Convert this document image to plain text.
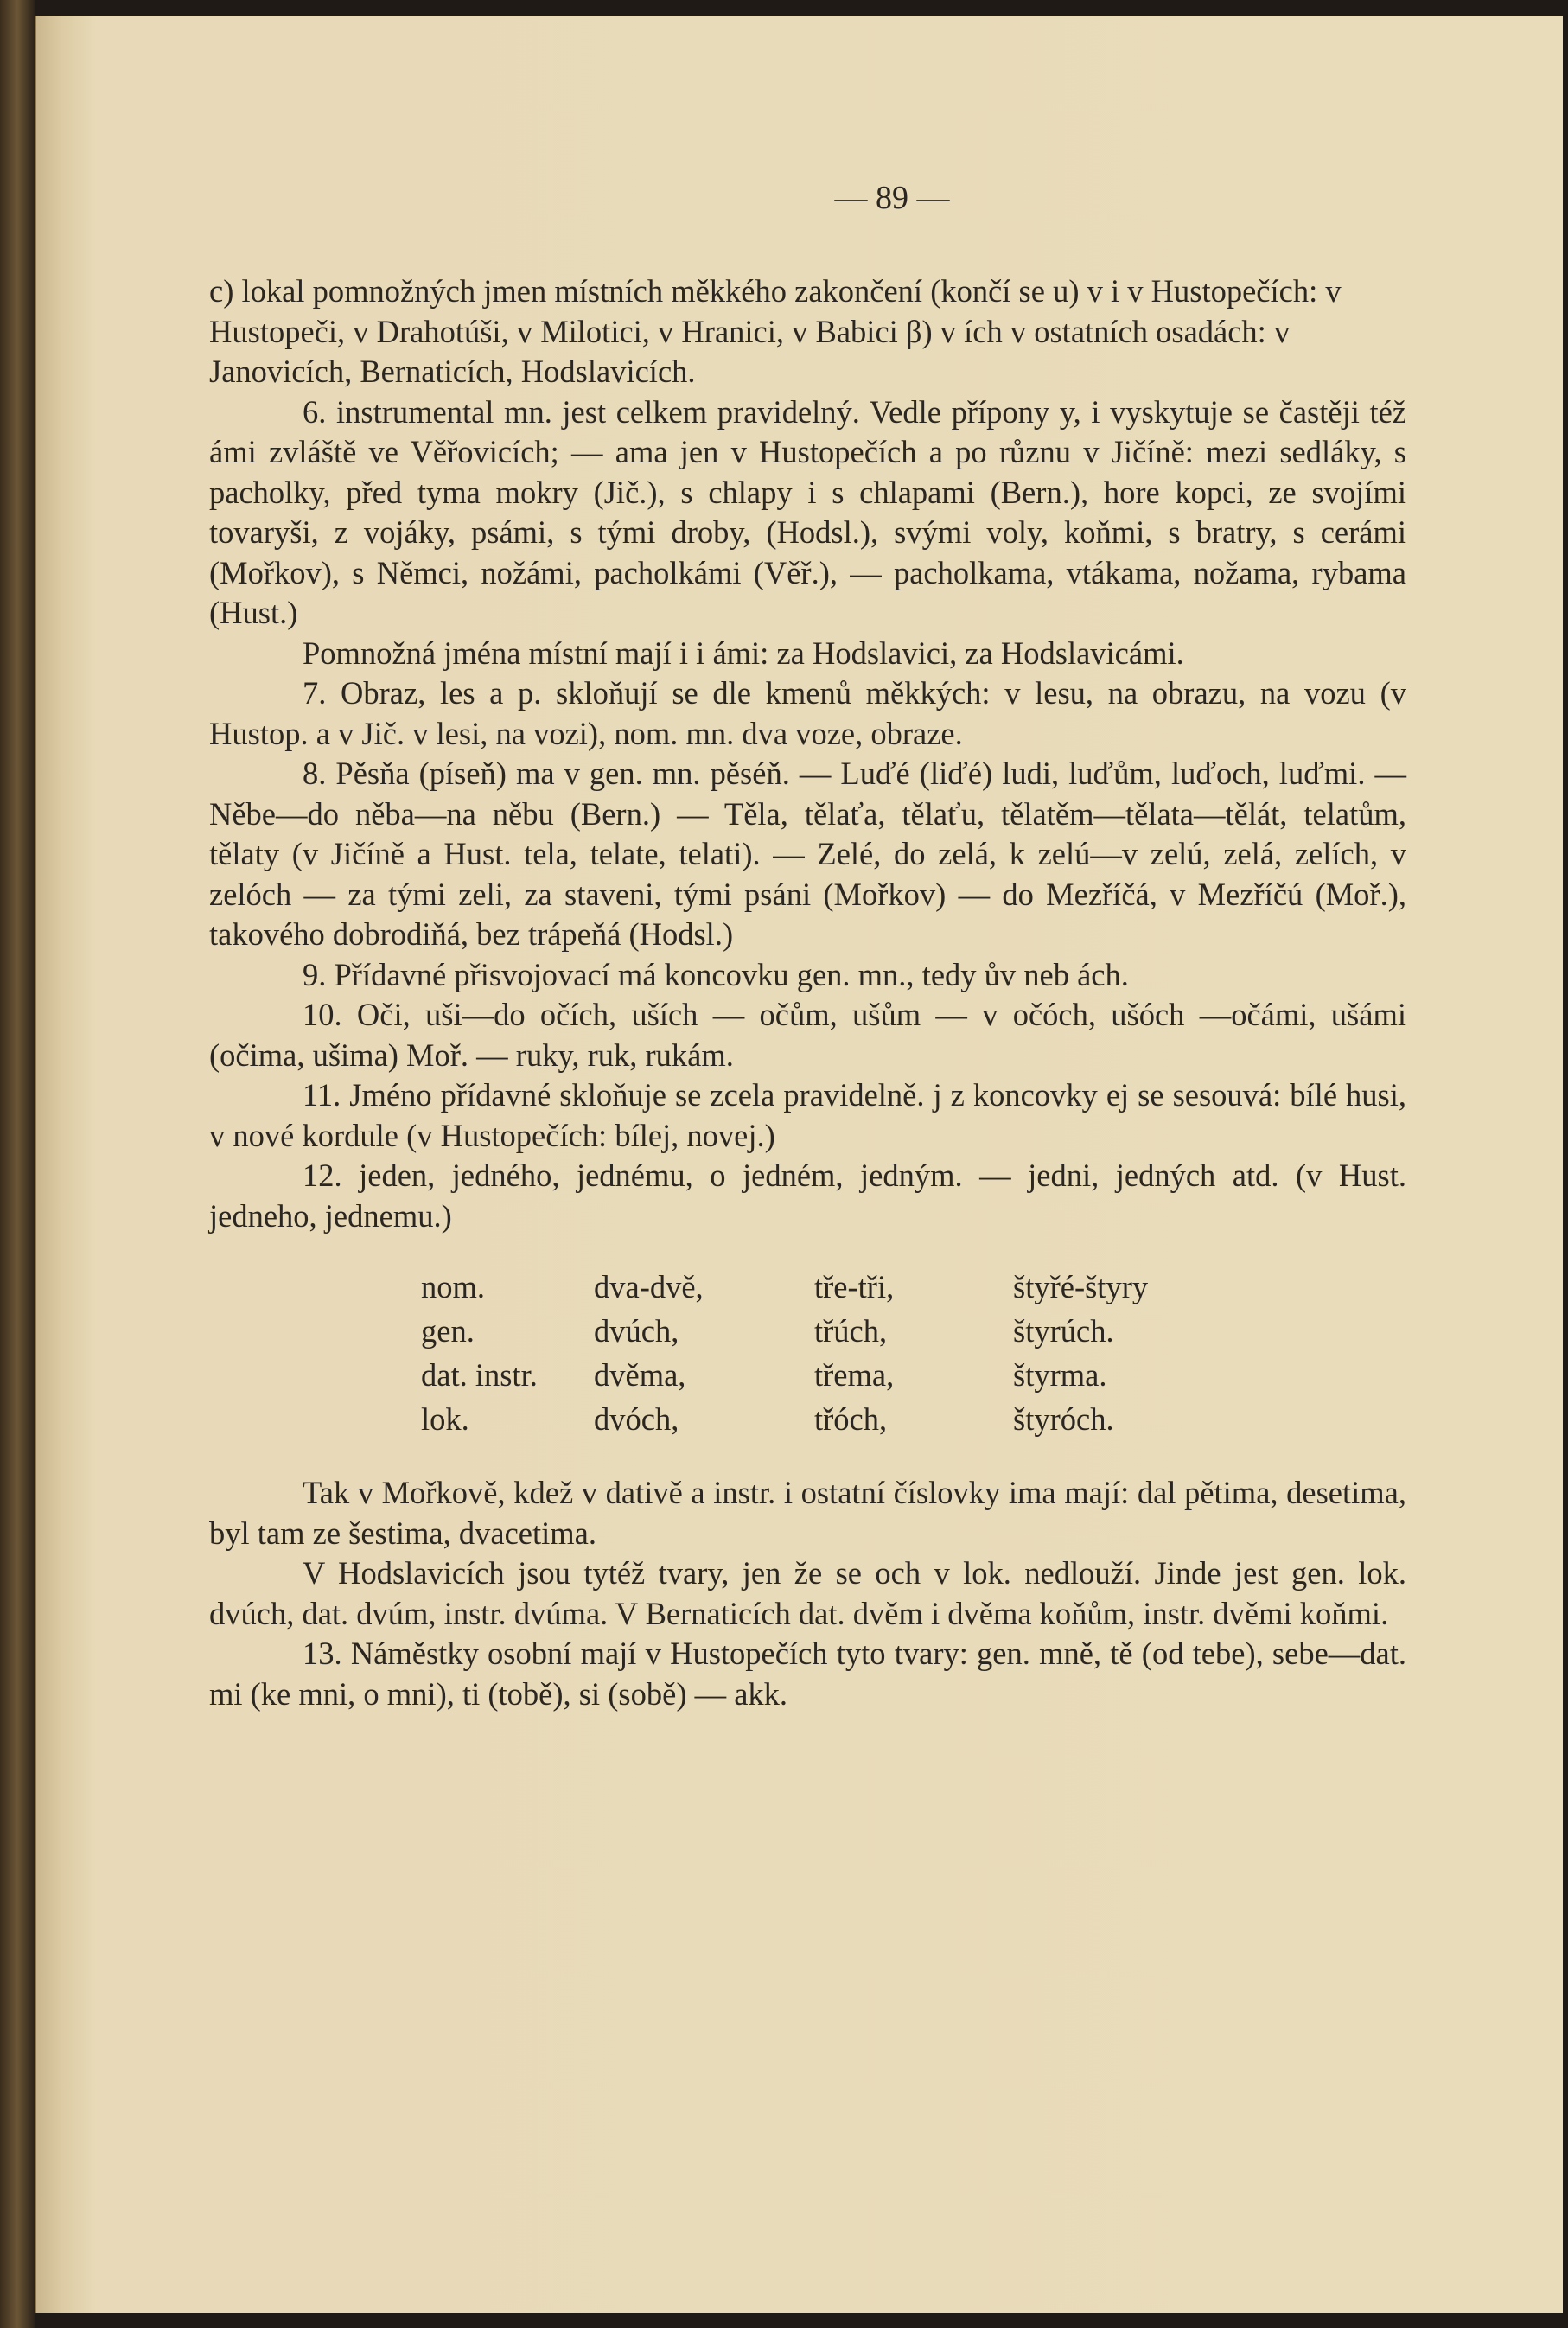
— 89 —

c) lokal pomnožných jmen místních měkkého zakončení (končí se u) v i v Hustopečích: v Hustopeči, v Drahotúši, v Milotici, v Hranici, v Babici β) v ích v ostatních osadách: v Janovicích, Bernaticích, Hodslavicích.

6. instrumental mn. jest celkem pravidelný. Vedle přípony y, i vyskytuje se častěji též ámi zvláště ve Věřovicích; — ama jen v Hustopečích a po různu v Jičíně: mezi sedláky, s pacholky, před tyma mokry (Jič.), s chlapy i s chlapami (Bern.), hore kopci, ze svojími tovaryši, z vojáky, psámi, s tými droby, (Hodsl.), svými voly, koňmi, s bratry, s cerámi (Mořkov), s Němci, nožámi, pacholkámi (Věř.), — pacholkama, vtákama, nožama, rybama (Hust.)

Pomnožná jména místní mají i i ámi: za Hodslavici, za Hodslavicámi.

7. Obraz, les a p. skloňují se dle kmenů měkkých: v lesu, na obrazu, na vozu (v Hustop. a v Jič. v lesi, na vozi), nom. mn. dva voze, obraze.

8. Pěsňa (píseň) ma v gen. mn. pěséň. — Luďé (liďé) ludi, luďům, luďoch, luďmi. — Něbe—do něba—na něbu (Bern.) — Těla, tělaťa, tělaťu, tělatěm—tělata—tělát, telatům, tělaty (v Jičíně a Hust. tela, telate, telati). — Zelé, do zelá, k zelú—v zelú, zelá, zelích, v zelóch — za tými zeli, za staveni, tými psáni (Mořkov) — do Mezříčá, v Mezříčú (Moř.), takového dobrodiňá, bez trápeňá (Hodsl.)

9. Přídavné přisvojovací má koncovku gen. mn., tedy ův neb ách.

10. Oči, uši—do očích, uších — očům, ušům — v očóch, ušóch —očámi, ušámi (očima, ušima) Moř. — ruky, ruk, rukám.

11. Jméno přídavné skloňuje se zcela pravidelně. j z koncovky ej se sesouvá: bílé husi, v nové kordule (v Hustopečích: bílej, novej.)

12. jeden, jedného, jednému, o jedném, jedným. — jedni, jedných atd. (v Hust. jedneho, jednemu.)

nom.	dva-dvě,	tře-tři,	štyřé-štyry
gen.	dvúch,	třúch,	štyrúch.
dat. instr.	dvěma,	třema,	štyrma.
lok.	dvóch,	třóch,	štyróch.

Tak v Mořkově, kdež v dativě a instr. i ostatní číslovky ima mají: dal pětima, desetima, byl tam ze šestima, dvacetima.

V Hodslavicích jsou tytéž tvary, jen že se och v lok. nedlouží. Jinde jest gen. lok. dvúch, dat. dvúm, instr. dvúma. V Bernaticích dat. dvěm i dvěma koňům, instr. dvěmi koňmi.

13. Náměstky osobní mají v Hustopečích tyto tvary: gen. mně, tě (od tebe), sebe—dat. mi (ke mni, o mni), ti (tobě), si (sobě) — akk.
